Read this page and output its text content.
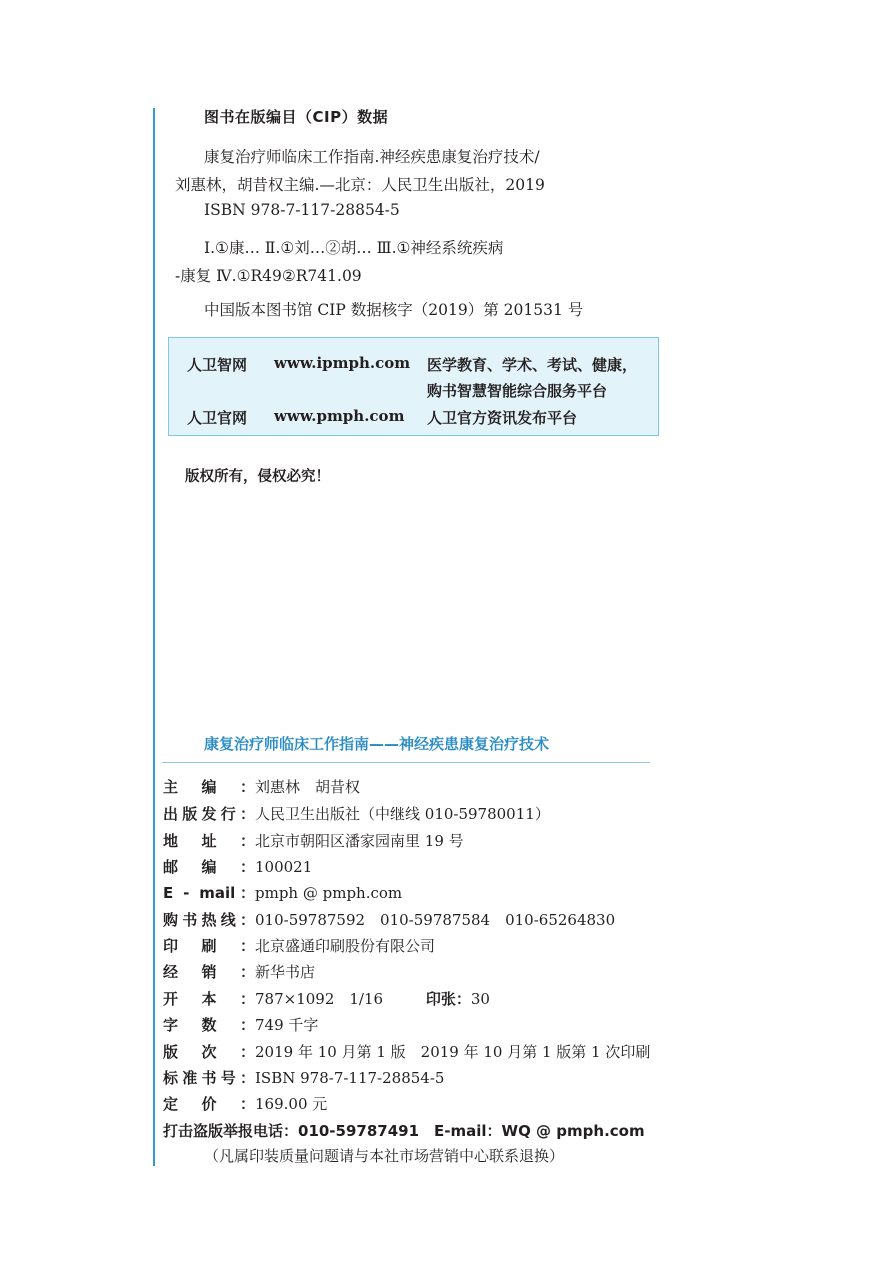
图书在版编目（CIP）数据
康复治疗师临床工作指南.神经疾患康复治疗技术/
刘惠林，胡昔权主编.—北京：人民卫生出版社，2019
ISBN 978-7-117-28854-5
Ⅰ.①康… Ⅱ.①刘…②胡… Ⅲ.①神经系统疾病
-康复 Ⅳ.①R49②R741.09
中国版本图书馆 CIP 数据核字（2019）第 201531 号
人卫智网 www.ipmph.com 医学教育、学术、考试、健康，
购书智慧智能综合服务平台
人卫官网 www.pmph.com 人卫官方资讯发布平台
版权所有，侵权必究！
康复治疗师临床工作指南——神经疾患康复治疗技术
主编：刘惠林　胡昔权
出版发行：人民卫生出版社（中继线 010-59780011）
地址：北京市朝阳区潘家园南里 19 号
邮编：100021
E - mail：pmph @ pmph.com
购书热线：010-59787592　010-59787584　010-65264830
印刷：北京盛通印刷股份有限公司
经销：新华书店
开本：787×1092　1/16	印张：30
字数：749 千字
版次：2019 年 10 月第 1 版　2019 年 10 月第 1 版第 1 次印刷
标准书号：ISBN 978-7-117-28854-5
定价：169.00 元
打击盗版举报电话：010-59787491　E-mail：WQ @ pmph.com
（凡属印装质量问题请与本社市场营销中心联系退换）
